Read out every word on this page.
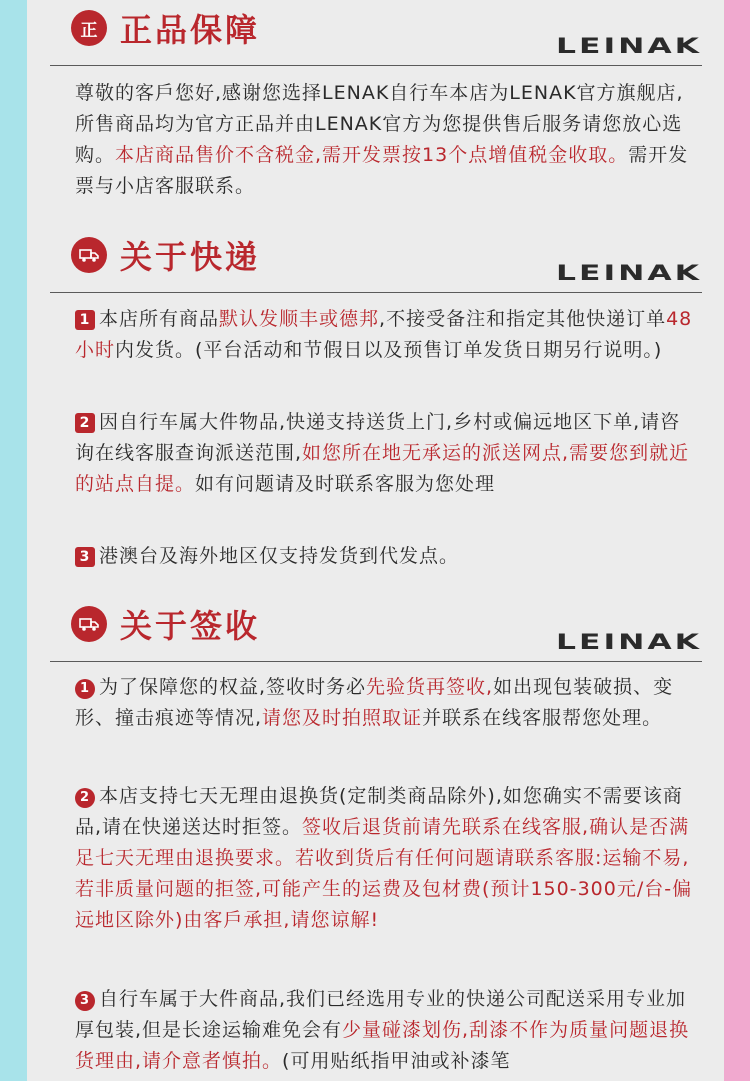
正 正品保障	LEINAK
尊敬的客戶您好,感谢您选择LENAK自行车本店为LENAK官方旗舰店,所售商品均为官方正品并由LENAK官方为您提供售后服务请您放心选购。本店商品售价不含税金,需开发票按13个点增值税金收取。需开发票与小店客服联系。
关于快递	LEINAK
1 本店所有商品默认发顺丰或德邦,不接受备注和指定其他快递订单48小时内发货。(平台活动和节假日以及预售订单发货日期另行说明。)
2 因自行车属大件物品,快递支持送货上门,乡村或偏远地区下单,请咨询在线客服查询派送范围,如您所在地无承运的派送网点,需要您到就近的站点自提。如有问题请及时联系客服为您处理
3 港澳台及海外地区仅支持发货到代发点。
关于签收	LEINAK
1 为了保障您的权益,签收时务必先验货再签收,如出现包装破损、变形、撞击痕迹等情况,请您及时拍照取证并联系在线客服帮您处理。
2 本店支持七天无理由退换货(定制类商品除外),如您确实不需要该商品,请在快递送达时拒签。签收后退货前请先联系在线客服,确认是否满足七天无理由退换要求。若收到货后有任何问题请联系客服:运输不易,若非质量问题的拒签,可能产生的运费及包材费(预计150-300元/台-偏远地区除外)由客戶承担,请您谅解!
3 自行车属于大件商品,我们已经选用专业的快递公司配送采用专业加厚包装,但是长途运输难免会有少量碰漆划伤,刮漆不作为质量问题退换货理由,请介意者慎拍。(可用贴纸指甲油或补漆笔
